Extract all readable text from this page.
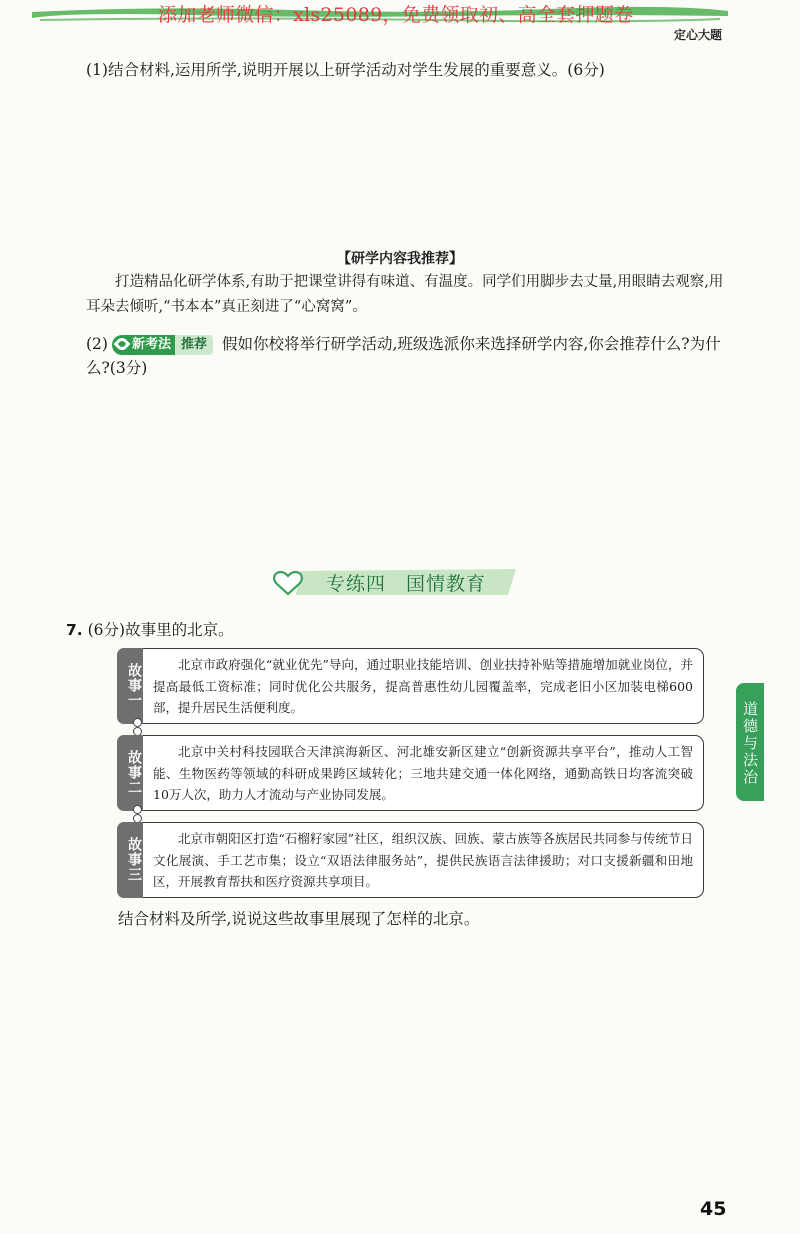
添加老师微信：xls25089，免费领取初、高全套押题卷
定心大题
(1)结合材料,运用所学,说明开展以上研学活动对学生发展的重要意义。(6分)
【研学内容我推荐】
打造精品化研学体系,有助于把课堂讲得有味道、有温度。同学们用脚步去丈量,用眼睛去观察,用耳朵去倾听,“书本本”真正刻进了“心窝窝”。
(2) 新考法 推荐 假如你校将举行研学活动,班级选派你来选择研学内容,你会推荐什么?为什么?(3分)
专练四　国情教育
7. (6分)故事里的北京。
故事一	北京市政府强化“就业优先”导向，通过职业技能培训、创业扶持补贴等措施增加就业岗位，并提高最低工资标准；同时优化公共服务，提高普惠性幼儿园覆盖率，完成老旧小区加装电梯600部，提升居民生活便利度。
故事二	北京中关村科技园联合天津滨海新区、河北雄安新区建立“创新资源共享平台”，推动人工智能、生物医药等领域的科研成果跨区域转化；三地共建交通一体化网络，通勤高铁日均客流突破10万人次，助力人才流动与产业协同发展。
故事三	北京市朝阳区打造“石榴籽家园”社区，组织汉族、回族、蒙古族等各族居民共同参与传统节日文化展演、手工艺市集；设立“双语法律服务站”，提供民族语言法律援助；对口支援新疆和田地区，开展教育帮扶和医疗资源共享项目。
结合材料及所学,说说这些故事里展现了怎样的北京。
道德与法治
45
